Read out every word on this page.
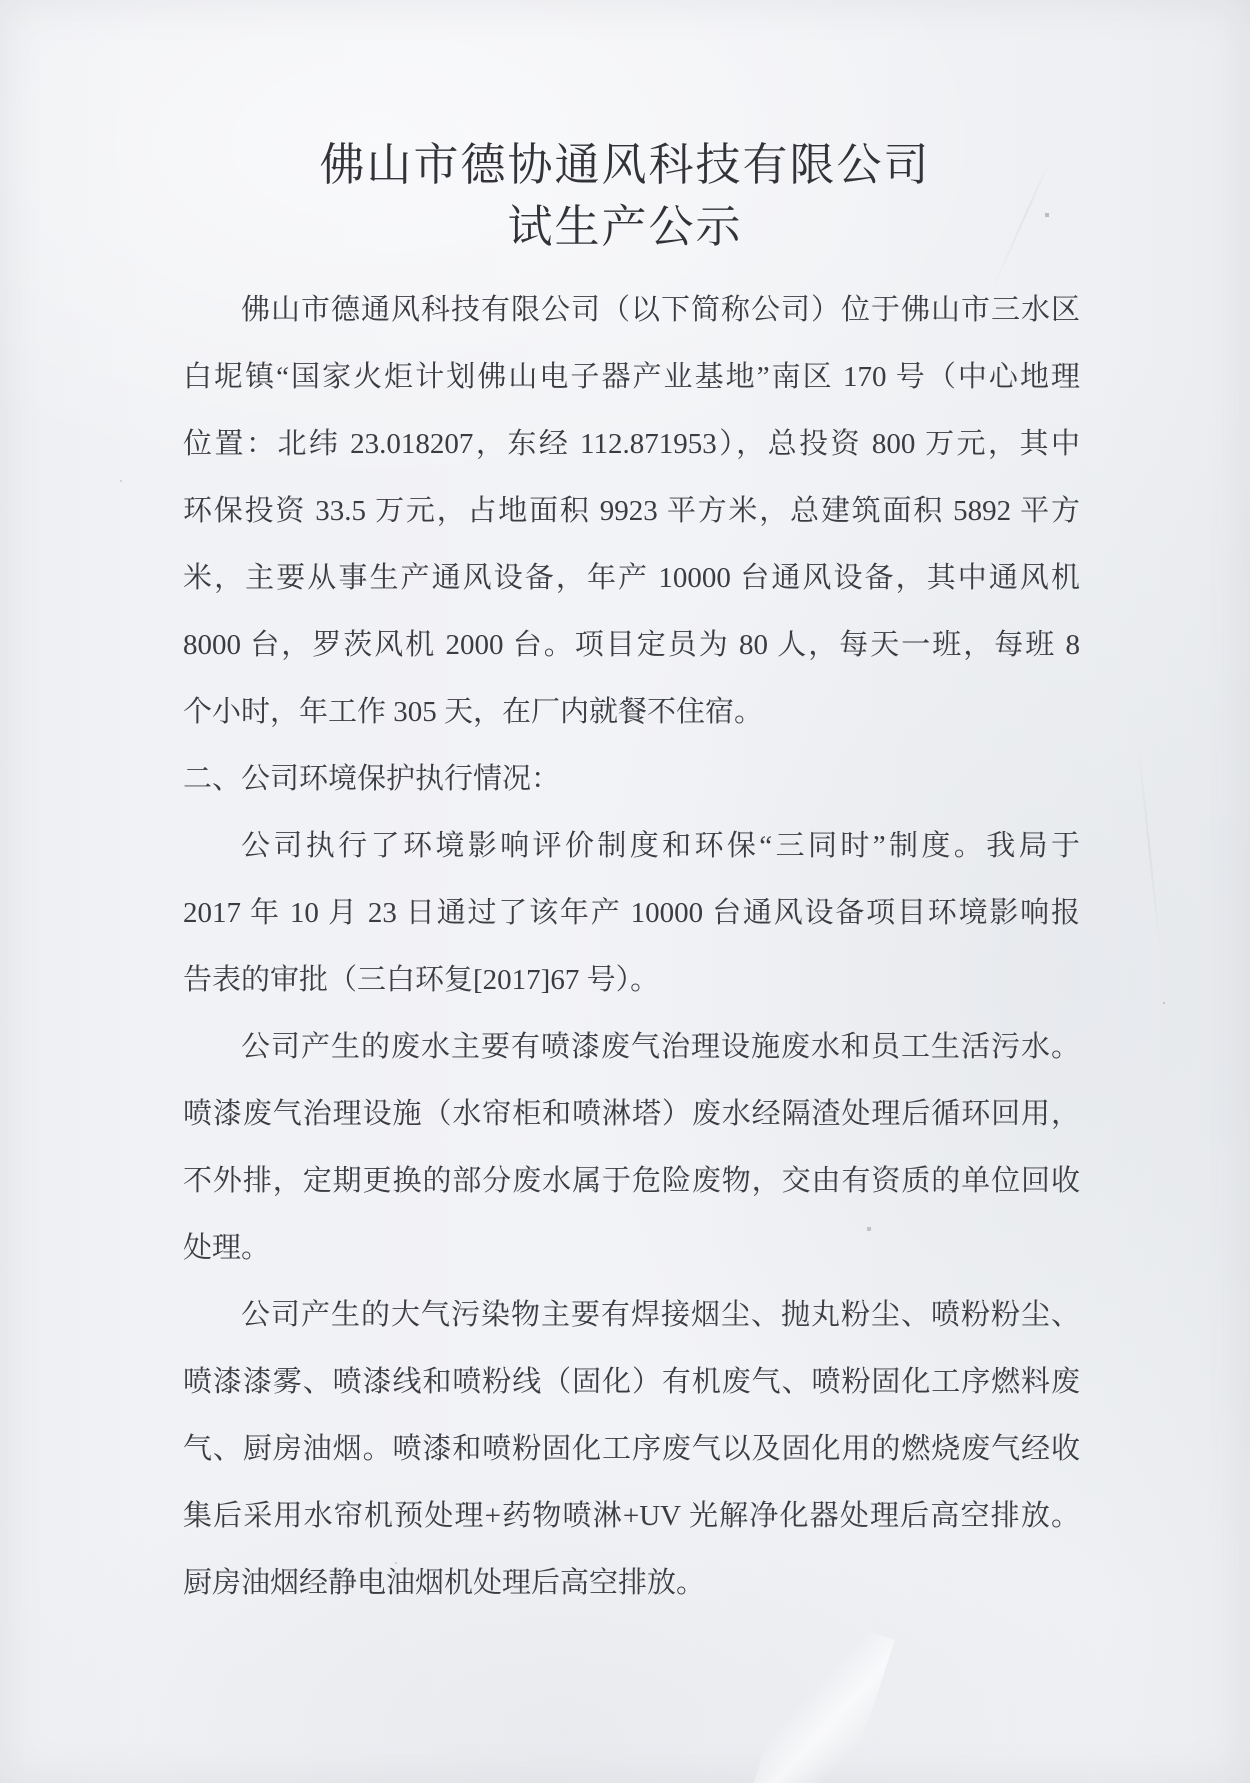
佛山市德协通风科技有限公司
试生产公示
佛山市德通风科技有限公司（以下简称公司）位于佛山市三水区
白坭镇“国家火炬计划佛山电子器产业基地”南区 170 号（中心地理
位置：北纬 23.018207，东经 112.871953），总投资 800 万元，其中
环保投资 33.5 万元，占地面积 9923 平方米，总建筑面积 5892 平方
米，主要从事生产通风设备，年产 10000 台通风设备，其中通风机
8000 台，罗茨风机 2000 台。项目定员为 80 人，每天一班，每班 8
个小时，年工作 305 天，在厂内就餐不住宿。
二、公司环境保护执行情况：
公司执行了环境影响评价制度和环保“三同时”制度。我局于
2017 年 10 月 23 日通过了该年产 10000 台通风设备项目环境影响报
告表的审批（三白环复[2017]67 号）。
公司产生的废水主要有喷漆废气治理设施废水和员工生活污水。
喷漆废气治理设施（水帘柜和喷淋塔）废水经隔渣处理后循环回用，
不外排，定期更换的部分废水属于危险废物，交由有资质的单位回收
处理。
公司产生的大气污染物主要有焊接烟尘、抛丸粉尘、喷粉粉尘、
喷漆漆雾、喷漆线和喷粉线（固化）有机废气、喷粉固化工序燃料废
气、厨房油烟。喷漆和喷粉固化工序废气以及固化用的燃烧废气经收
集后采用水帘机预处理+药物喷淋+UV 光解净化器处理后高空排放。
厨房油烟经静电油烟机处理后高空排放。
